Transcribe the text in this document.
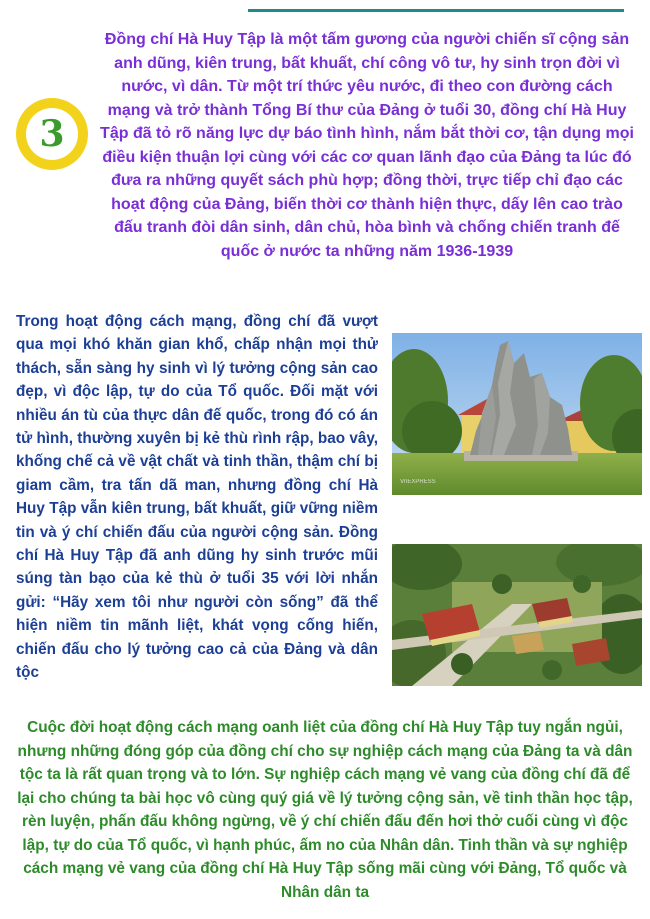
3

Đồng chí Hà Huy Tập là một tấm gương của người chiến sĩ cộng sản anh dũng, kiên trung, bất khuất, chí công vô tư, hy sinh trọn đời vì nước, vì dân. Từ một trí thức yêu nước, đi theo con đường cách mạng và trở thành Tổng Bí thư của Đảng ở tuổi 30, đồng chí Hà Huy Tập đã tỏ rõ năng lực dự báo tình hình, nắm bắt thời cơ, tận dụng mọi điều kiện thuận lợi cùng với các cơ quan lãnh đạo của Đảng ta lúc đó đưa ra những quyết sách phù hợp; đồng thời, trực tiếp chỉ đạo các hoạt động của Đảng, biến thời cơ thành hiện thực, dấy lên cao trào đấu tranh đòi dân sinh, dân chủ, hòa bình và chống chiến tranh đế quốc ở nước ta những năm 1936-1939

Trong hoạt động cách mạng, đồng chí đã vượt qua mọi khó khăn gian khổ, chấp nhận mọi thử thách, sẵn sàng hy sinh vì lý tưởng cộng sản cao đẹp, vì độc lập, tự do của Tổ quốc. Đối mặt với nhiều án tù của thực dân đế quốc, trong đó có án tử hình, thường xuyên bị kẻ thù rình rập, bao vây, khống chế cả về vật chất và tinh thần, thậm chí bị giam cầm, tra tấn dã man, nhưng đồng chí Hà Huy Tập vẫn kiên trung, bất khuất, giữ vững niềm tin và ý chí chiến đấu của người cộng sản. Đồng chí Hà Huy Tập đã anh dũng hy sinh trước mũi súng tàn bạo của kẻ thù ở tuổi 35 với lời nhắn gửi: “Hãy xem tôi như người còn sống” đã thể hiện niềm tin mãnh liệt, khát vọng cống hiến, chiến đấu cho lý tưởng cao cả của Đảng và dân tộc

VnEXPRESS

Cuộc đời hoạt động cách mạng oanh liệt của đồng chí Hà Huy Tập tuy ngắn ngủi, nhưng những đóng góp của đồng chí cho sự nghiệp cách mạng của Đảng ta và dân tộc ta là rất quan trọng và to lớn. Sự nghiệp cách mạng vẻ vang của đồng chí đã để lại cho chúng ta bài học vô cùng quý giá về lý tưởng cộng sản, về tinh thần học tập, rèn luyện, phấn đấu không ngừng, về ý chí chiến đấu đến hơi thở cuối cùng vì độc lập, tự do của Tổ quốc, vì hạnh phúc, ấm no của Nhân dân. Tinh thần và sự nghiệp cách mạng vẻ vang của đồng chí Hà Huy Tập sống mãi cùng với Đảng, Tổ quốc và Nhân dân ta
